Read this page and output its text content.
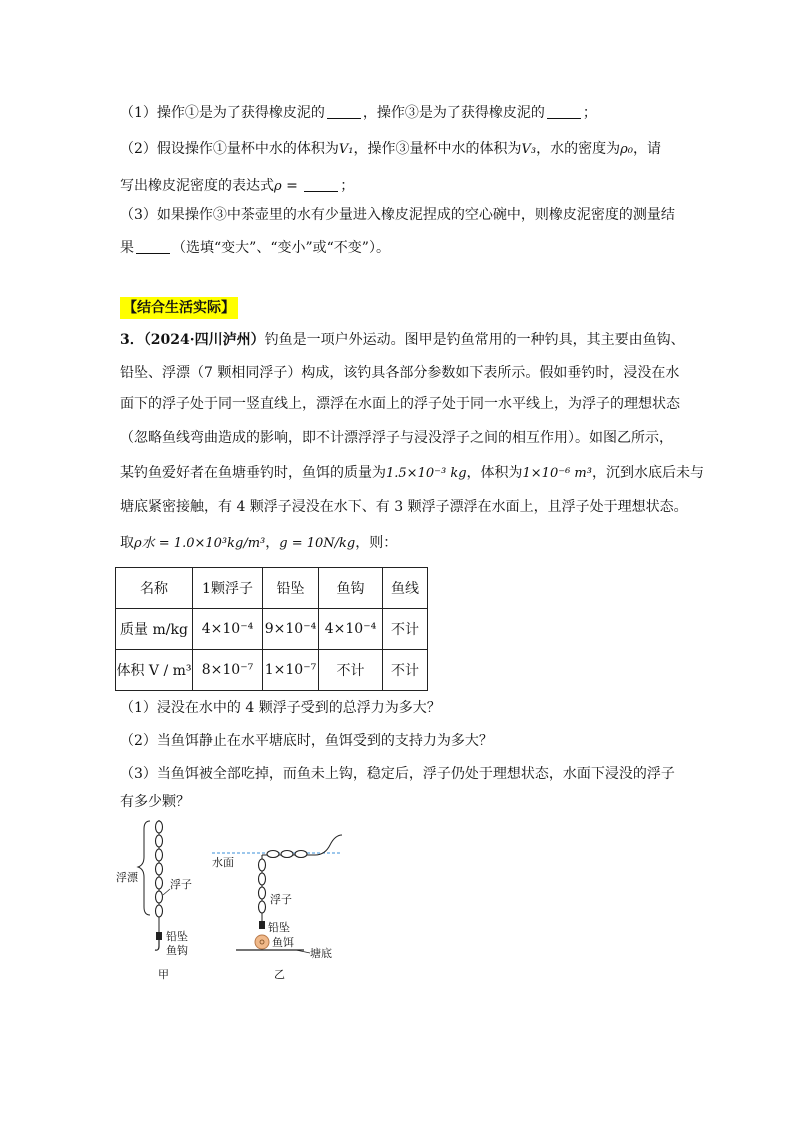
（1）操作①是为了获得橡皮泥的	，操作③是为了获得橡皮泥的	；

（2）假设操作①量杯中水的体积为V₁，操作③量杯中水的体积为V₃，水的密度为ρ₀，请

写出橡皮泥密度的表达式ρ =	；

（3）如果操作③中茶壶里的水有少量进入橡皮泥捏成的空心碗中，则橡皮泥密度的测量结

果	（选填“变大”、“变小”或“不变”）。

【结合生活实际】

3．（2024·四川泸州）钓鱼是一项户外运动。图甲是钓鱼常用的一种钓具，其主要由鱼钩、

铅坠、浮漂（7 颗相同浮子）构成，该钓具各部分参数如下表所示。假如垂钓时，浸没在水

面下的浮子处于同一竖直线上，漂浮在水面上的浮子处于同一水平线上，为浮子的理想状态

（忽略鱼线弯曲造成的影响，即不计漂浮浮子与浸没浮子之间的相互作用）。如图乙所示，

某钓鱼爱好者在鱼塘垂钓时，鱼饵的质量为1.5×10⁻³ kg，体积为1×10⁻⁶ m³，沉到水底后未与

塘底紧密接触，有 4 颗浮子浸没在水下、有 3 颗浮子漂浮在水面上，且浮子处于理想状态。

取ρ水 = 1.0×10³kg/m³，g = 10N/kg，则：

名称	1颗浮子	铅坠	鱼钩	鱼线
质量 m/kg	4×10⁻⁴	9×10⁻⁴	4×10⁻⁴	不计
体积 V / m³	8×10⁻⁷	1×10⁻⁷	不计	不计

（1）浸没在水中的 4 颗浮子受到的总浮力为多大？

（2）当鱼饵静止在水平塘底时，鱼饵受到的支持力为多大？

（3）当鱼饵被全部吃掉，而鱼未上钩，稳定后，浮子仍处于理想状态，水面下浸没的浮子

有多少颗？

浮漂
浮子
铅坠
鱼钩
甲
水面
浮子
铅坠
鱼饵
塘底
乙
